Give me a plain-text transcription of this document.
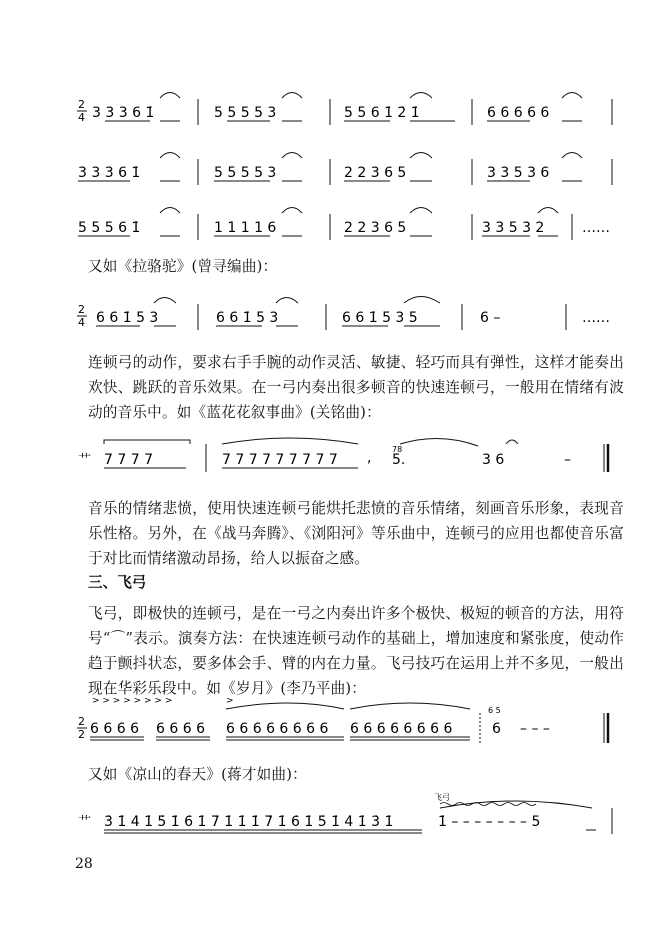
2
4 3 3 3 6 1̇	5 5 5 5 3	5 5 6 1̇ 2̇ 1̇	6 6 6 6 6
3 3 3 6 1̇	5 5 5 5 3	2 2 3 6 5	3 3 5 3 6
5 5 5 6 1̇	1 1 1 1 6	2 2 3 6 5	3 3 5 3 2	……
又如《拉骆驼》(曾寻编曲)：
2
4 6 6 1̇ 5 3	6 6 1̇ 5 3	6 6 1̇ 5 3 5	6 –	……
连顿弓的动作，要求右手手腕的动作灵活、敏捷、轻巧而具有弹性，这样才能奏出欢快、跳跃的音乐效果。在一弓内奏出很多顿音的快速连顿弓，一般用在情绪有波动的音乐中。如《蓝花花叙事曲》(关铭曲)：
艹 7 7 7 7	7 7 7 7 7 7 7 7 7 ,
78
5.	3 6	–
音乐的情绪悲愤，使用快速连顿弓能烘托悲愤的音乐情绪，刻画音乐形象，表现音乐性格。另外，在《战马奔腾》、《浏阳河》等乐曲中，连顿弓的应用也都使音乐富于对比而情绪激动昂扬，给人以振奋之感。
三、飞弓
飞弓，即极快的连顿弓，是在一弓之内奏出许多个极快、极短的顿音的方法，用符号“⌒”表示。演奏方法：在快速连顿弓动作的基础上，增加速度和紧张度，使动作趋于颤抖状态，要多体会手、臂的内在力量。飞弓技巧在运用上并不多见，一般出现在华彩乐段中。如《岁月》(李乃平曲)：
2
2
> > > > > > > >	>
6 6 6 6 6 6 6 6 6 6 6 6 6 6 6 6 6 6 6 6 6 6 6 6
6 5
6 – – –
又如《凉山的春天》(蒋才如曲)：
艹
飞弓
3̇ 1̇ 4̇ 1̇ 5̇ 1̇ 6̇ 1̇ 7̇ 1̇ 1̇ 1̇ 7̇ 1̇ 6̇ 1̇ 5̇ 1̇ 4̇ 1̇ 3̇ 1̇	1̇ – – – – – – – 5
28
